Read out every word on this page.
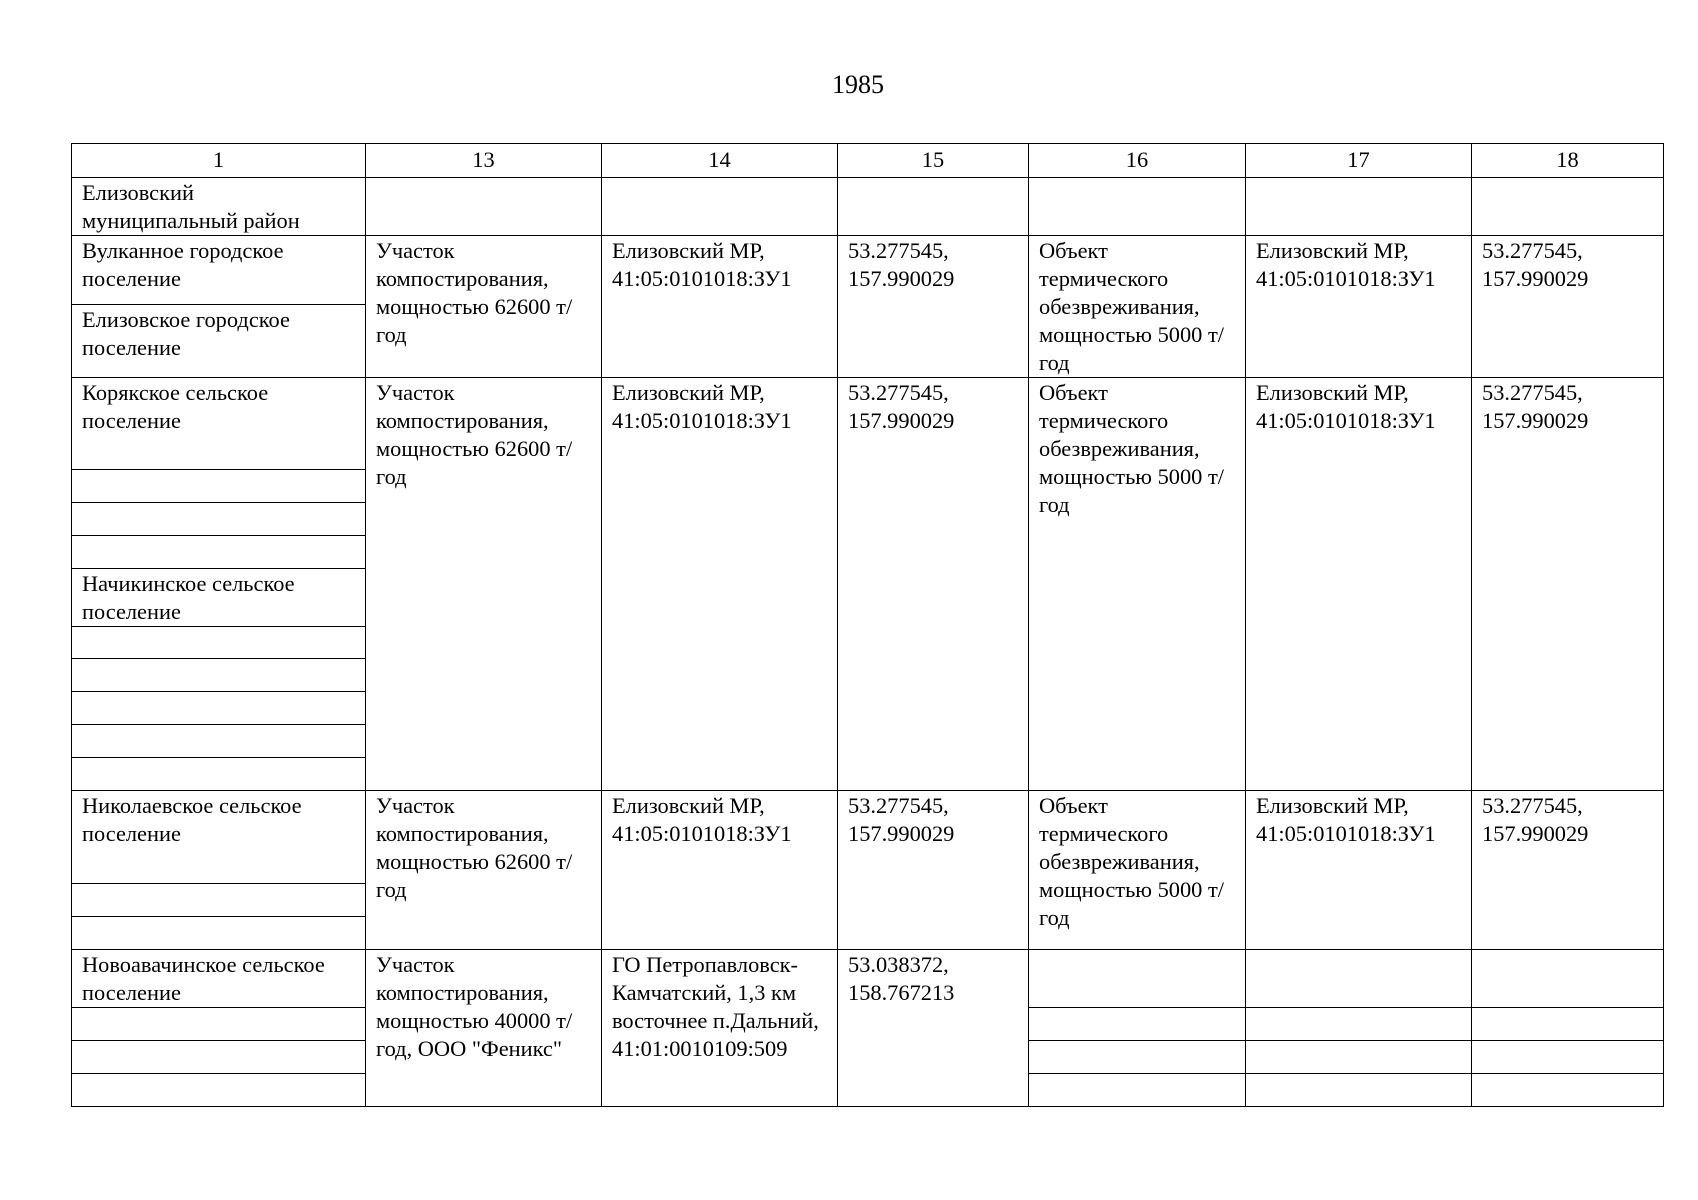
1985
1	13	14	15	16	17	18
Елизовский муниципальный район						
Вулканное городское поселение	Участок компостирования, мощностью 62600 т/год	Елизовский МР, 41:05:0101018:ЗУ1	53.277545, 157.990029	Объект термического обезвреживания, мощностью 5000 т/год	Елизовский МР, 41:05:0101018:ЗУ1	53.277545, 157.990029
Елизовское городское поселение						
Корякское сельское поселение	Участок компостирования, мощностью 62600 т/год	Елизовский МР, 41:05:0101018:ЗУ1	53.277545, 157.990029	Объект термического обезвреживания, мощностью 5000 т/год	Елизовский МР, 41:05:0101018:ЗУ1	53.277545, 157.990029

Начикинское сельское поселение						

Николаевское сельское поселение	Участок компостирования, мощностью 62600 т/год	Елизовский МР, 41:05:0101018:ЗУ1	53.277545, 157.990029	Объект термического обезвреживания, мощностью 5000 т/год	Елизовский МР, 41:05:0101018:ЗУ1	53.277545, 157.990029

Новоавачинское сельское поселение	Участок компостирования, мощностью 40000 т/год, ООО "Феникс"	ГО Петропавловск-Камчатский, 1,3 км восточнее п.Дальний, 41:01:0010109:509	53.038372, 158.767213			
